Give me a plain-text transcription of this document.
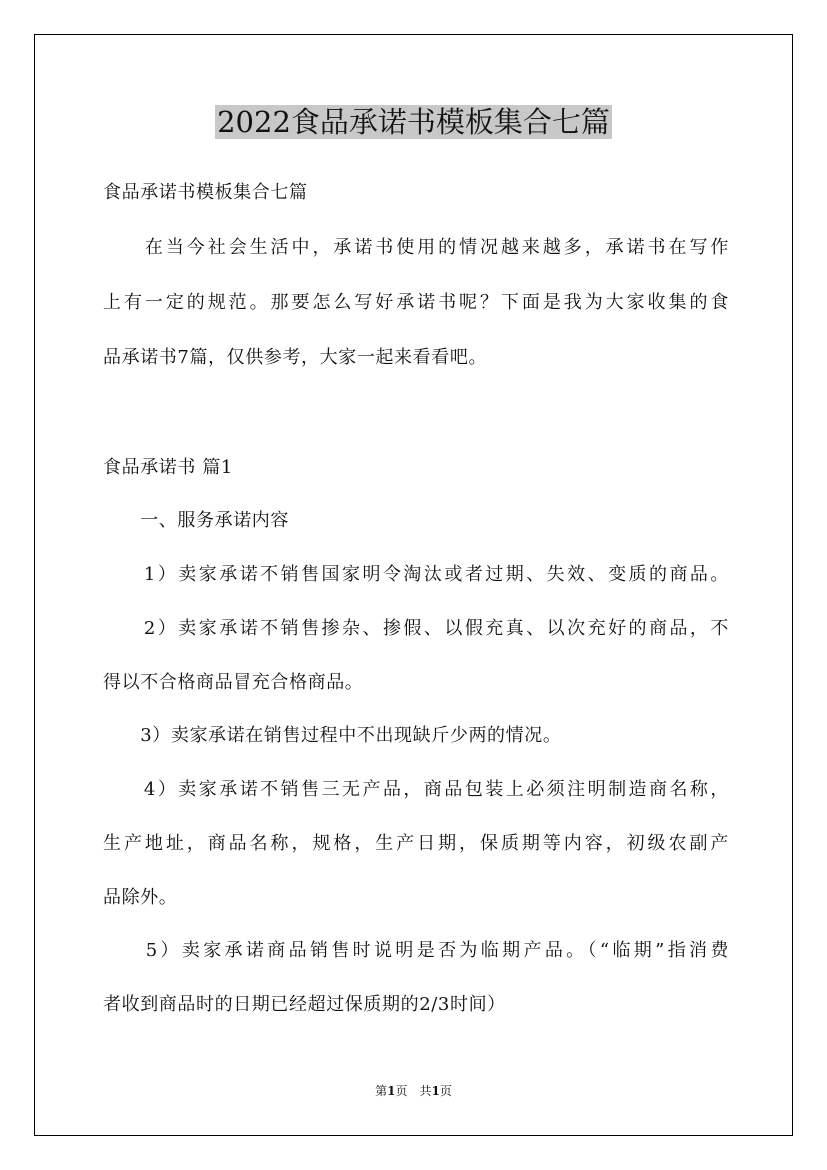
2022食品承诺书模板集合七篇
食品承诺书模板集合七篇
　　在当今社会生活中，承诺书使用的情况越来越多，承诺书在写作
上有一定的规范。那要怎么写好承诺书呢？下面是我为大家收集的食
品承诺书7篇，仅供参考，大家一起来看看吧。
食品承诺书 篇1
　　一、服务承诺内容
　　1）卖家承诺不销售国家明令淘汰或者过期、失效、变质的商品。
　　2）卖家承诺不销售掺杂、掺假、以假充真、以次充好的商品，不
得以不合格商品冒充合格商品。
　　3）卖家承诺在销售过程中不出现缺斤少两的情况。
　　4）卖家承诺不销售三无产品，商品包装上必须注明制造商名称，
生产地址，商品名称，规格，生产日期，保质期等内容，初级农副产
品除外。
　　5）卖家承诺商品销售时说明是否为临期产品。（“临期”指消费
者收到商品时的日期已经超过保质期的2/3时间）
第1页　共1页
